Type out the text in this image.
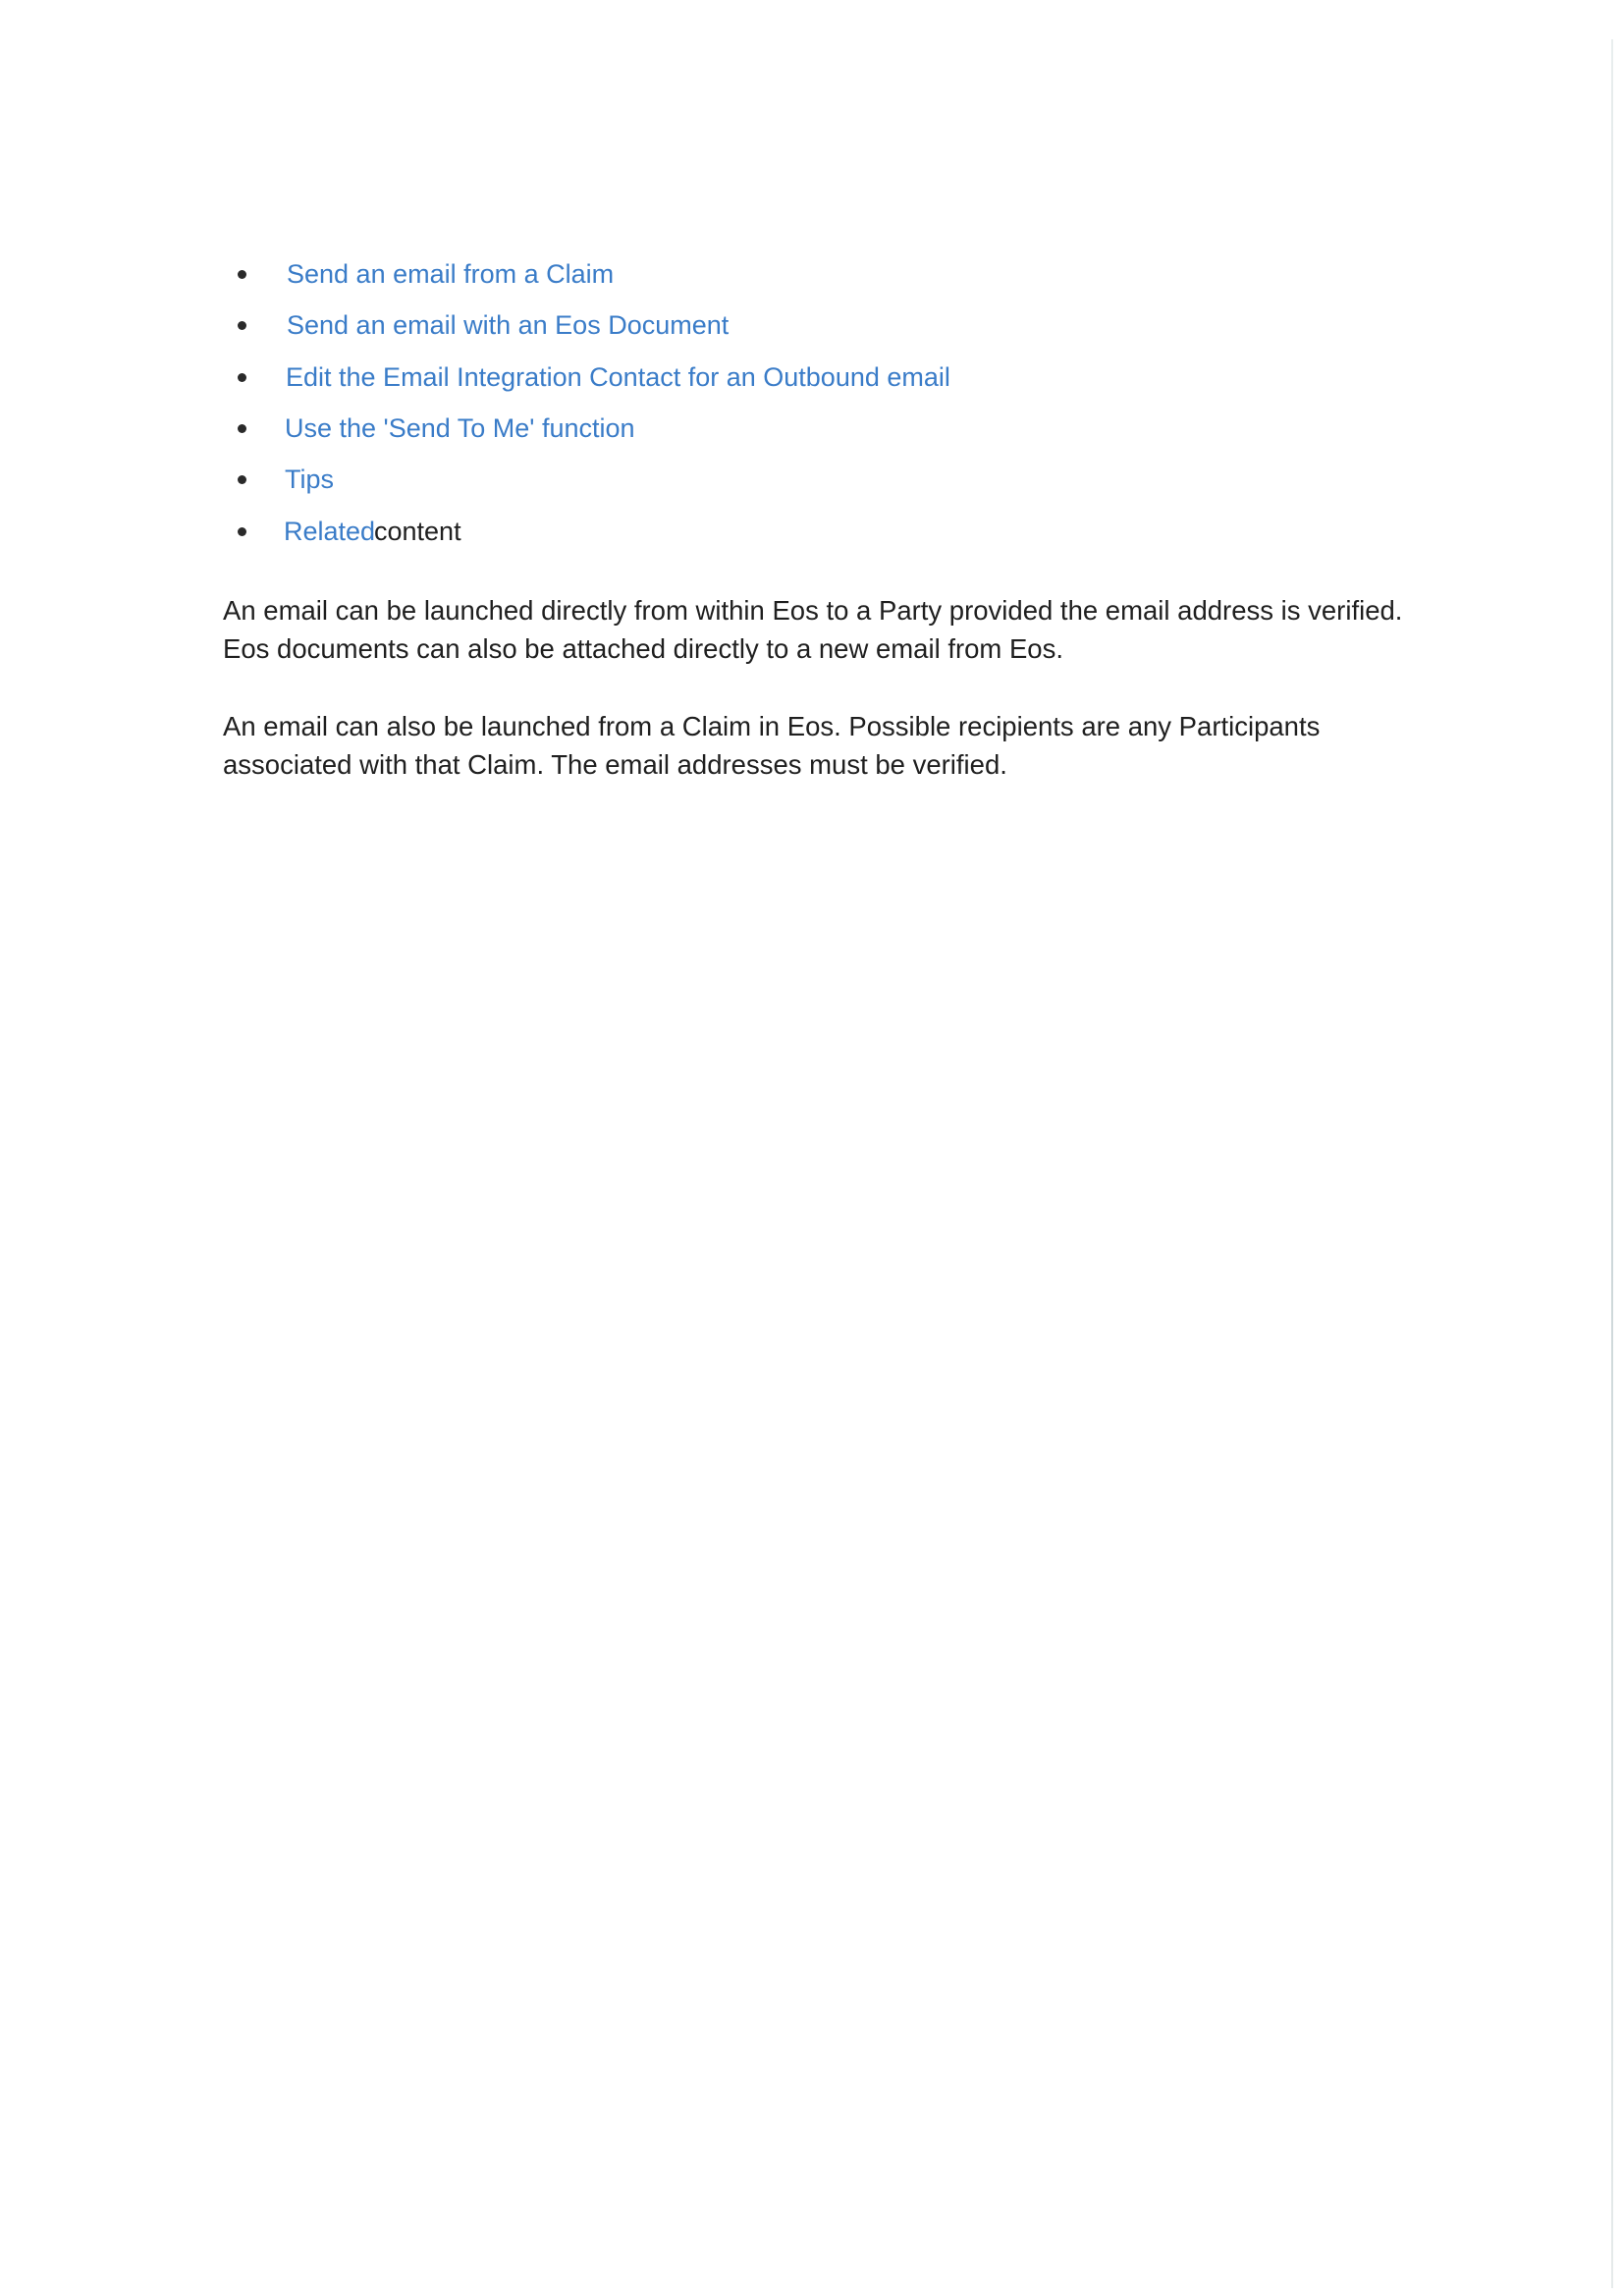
Send an email from a Claim
Send an email with an Eos Document
Edit the Email Integration Contact for an Outbound email
Use the 'Send To Me' function
Tips
Related
content

An email can be launched directly from within Eos to a Party provided the email address is verified.
Eos documents can also be attached directly to a new email from Eos.

An email can also be launched from a Claim in Eos. Possible recipients are any Participants
associated with that Claim. The email addresses must be verified.
